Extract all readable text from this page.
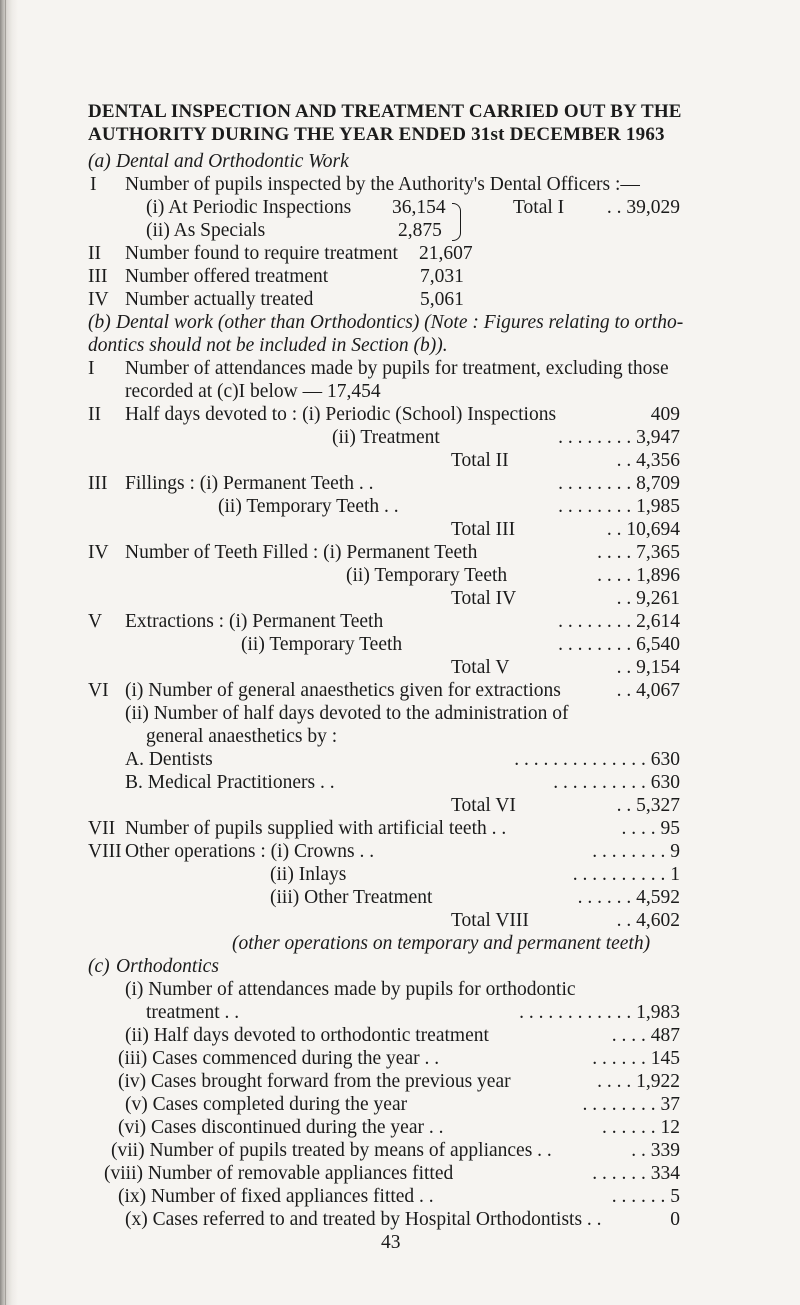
DENTAL INSPECTION AND TREATMENT CARRIED OUT BY THE
AUTHORITY DURING THE YEAR ENDED 31st DECEMBER 1963
(a) Dental and Orthodontic Work
I Number of pupils inspected by the Authority's Dental Officers :—
(i) At Periodic Inspections 36,154
(ii) As Specials	2,875
Total I	. . 39,029
II Number found to require treatment 21,607
III Number offered treatment	7,031
IV Number actually treated	5,061
(b) Dental work (other than Orthodontics) (Note : Figures relating to ortho-
dontics should not be included in Section (b)).
I Number of attendances made by pupils for treatment, excluding those
recorded at (c)I below — 17,454
II Half days devoted to : (i) Periodic (School) Inspections	409
(ii) Treatment	. . . . . . . . 3,947
Total II	. . 4,356
III Fillings : (i) Permanent Teeth . .	. . . . . . . . 8,709
(ii) Temporary Teeth . .	. . . . . . . . 1,985
Total III	. . 10,694
IV Number of Teeth Filled : (i) Permanent Teeth	. . . . 7,365
(ii) Temporary Teeth	. . . . 1,896
Total IV	. . 9,261
V Extractions : (i) Permanent Teeth	. . . . . . . . 2,614
(ii) Temporary Teeth	. . . . . . . . 6,540
Total V	. . 9,154
VI (i) Number of general anaesthetics given for extractions	. . 4,067
(ii) Number of half days devoted to the administration of
general anaesthetics by :
A. Dentists	. . . . . . . . . . . . . . 630
B. Medical Practitioners . .	. . . . . . . . . . 630
Total VI	. . 5,327
VII Number of pupils supplied with artificial teeth . .	. . . . 95
VIII Other operations : (i) Crowns . .	. . . . . . . . 9
(ii) Inlays	. . . . . . . . . . 1
(iii) Other Treatment	. . . . . . 4,592
Total VIII	. . 4,602
(other operations on temporary and permanent teeth)
(c) Orthodontics
(i) Number of attendances made by pupils for orthodontic
treatment . .	. . . . . . . . . . . . 1,983
(ii) Half days devoted to orthodontic treatment	. . . . 487
(iii) Cases commenced during the year . .	. . . . . . 145
(iv) Cases brought forward from the previous year	. . . . 1,922
(v) Cases completed during the year	. . . . . . . . 37
(vi) Cases discontinued during the year . .	. . . . . . 12
(vii) Number of pupils treated by means of appliances . .	. . 339
(viii) Number of removable appliances fitted	. . . . . . 334
(ix) Number of fixed appliances fitted . .	. . . . . . 5
(x) Cases referred to and treated by Hospital Orthodontists . .	0
43
